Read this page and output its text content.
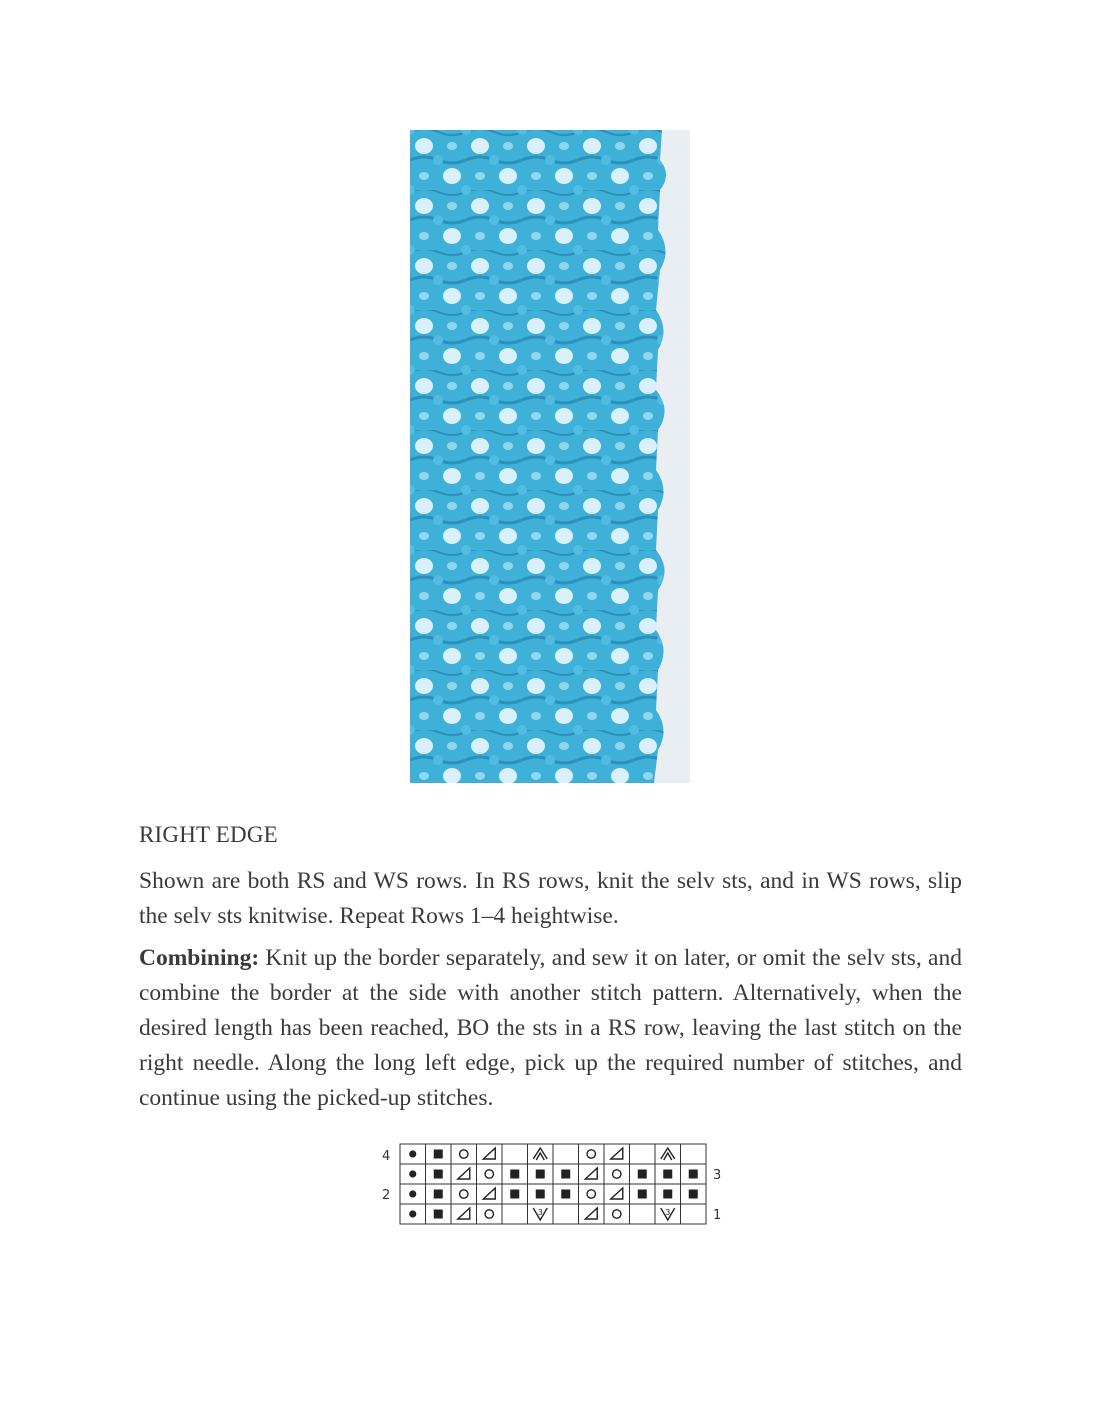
RIGHT EDGE

Shown are both RS and WS rows. In RS rows, knit the selv sts, and in WS rows, slip the selv sts knitwise. Repeat Rows 1–4 heightwise.

Combining: Knit up the border separately, and sew it on later, or omit the selv sts, and combine the border at the side with another stitch pattern. Alternatively, when the desired length has been reached, BO the sts in a RS row, leaving the last stitch on the right needle. Along the long left edge, pick up the required number of stitches, and continue using the picked-up stitches.

4
2
3
1
3	3
